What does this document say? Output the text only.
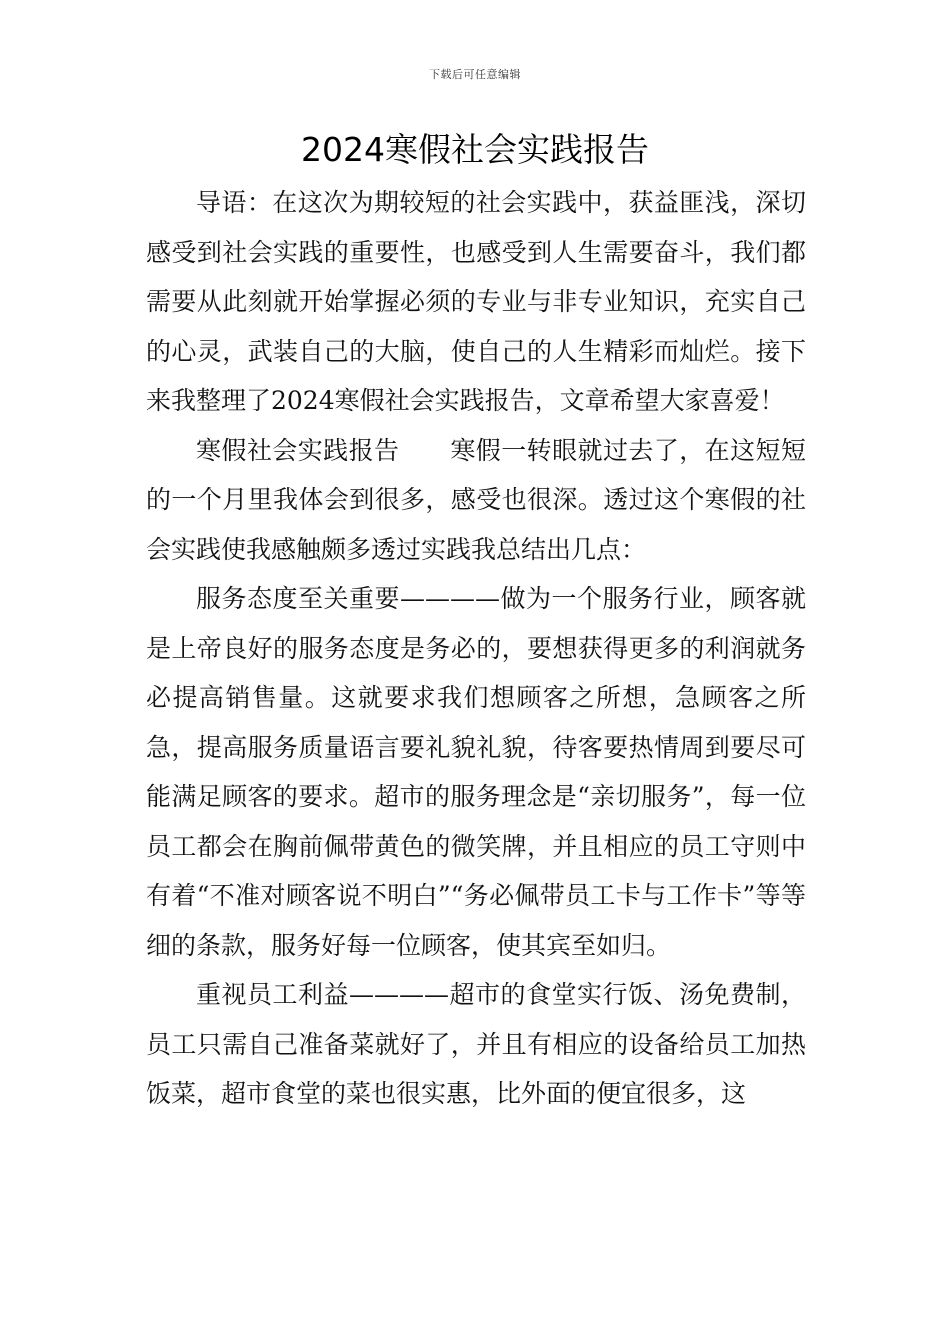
下载后可任意编辑
2024寒假社会实践报告

导语：在这次为期较短的社会实践中，获益匪浅，深切感受到社会实践的重要性，也感受到人生需要奋斗，我们都需要从此刻就开始掌握必须的专业与非专业知识，充实自己的心灵，武装自己的大脑，使自己的人生精彩而灿烂。接下来我整理了2024寒假社会实践报告，文章希望大家喜爱！

寒假社会实践报告　　寒假一转眼就过去了，在这短短的一个月里我体会到很多，感受也很深。透过这个寒假的社会实践使我感触颇多透过实践我总结出几点：

服务态度至关重要————做为一个服务行业，顾客就是上帝良好的服务态度是务必的，要想获得更多的利润就务必提高销售量。这就要求我们想顾客之所想，急顾客之所急，提高服务质量语言要礼貌礼貌，待客要热情周到要尽可能满足顾客的要求。超市的服务理念是“亲切服务”，每一位员工都会在胸前佩带黄色的微笑牌，并且相应的员工守则中有着“不准对顾客说不明白”“务必佩带员工卡与工作卡”等等细的条款，服务好每一位顾客，使其宾至如归。

重视员工利益————超市的食堂实行饭、汤免费制，员工只需自己准备菜就好了，并且有相应的设备给员工加热饭菜，超市食堂的菜也很实惠，比外面的便宜很多，这
